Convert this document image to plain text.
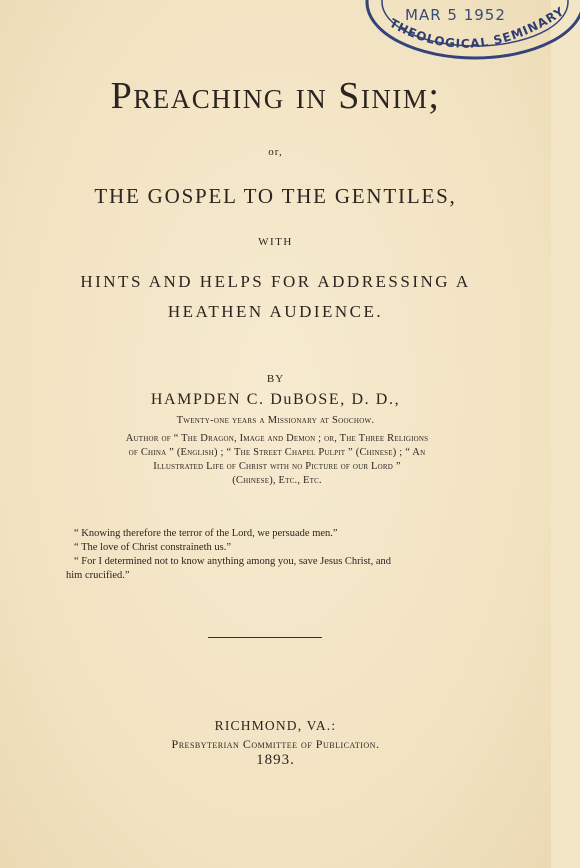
THEOLOGICAL SEMINARY
MAR 5 1952
Preaching in Sinim;
or,
THE GOSPEL TO THE GENTILES,
WITH
HINTS AND HELPS FOR ADDRESSING A
HEATHEN AUDIENCE.
BY
HAMPDEN C. DuBOSE, D. D.,
Twenty-one years a Missionary at Soochow.
Author of “ The Dragon, Image and Demon ; or, The Three Religions
of China ” (English) ; “ The Street Chapel Pulpit ” (Chinese) ; “ An
Illustrated Life of Christ with no Picture of our Lord ”
(Chinese), Etc., Etc.
“ Knowing therefore the terror of the Lord, we persuade men.”
“ The love of Christ constraineth us.”
“ For I determined not to know anything among you, save Jesus Christ, and
him crucified.”
RICHMOND, VA.:
Presbyterian Committee of Publication.
1893.
